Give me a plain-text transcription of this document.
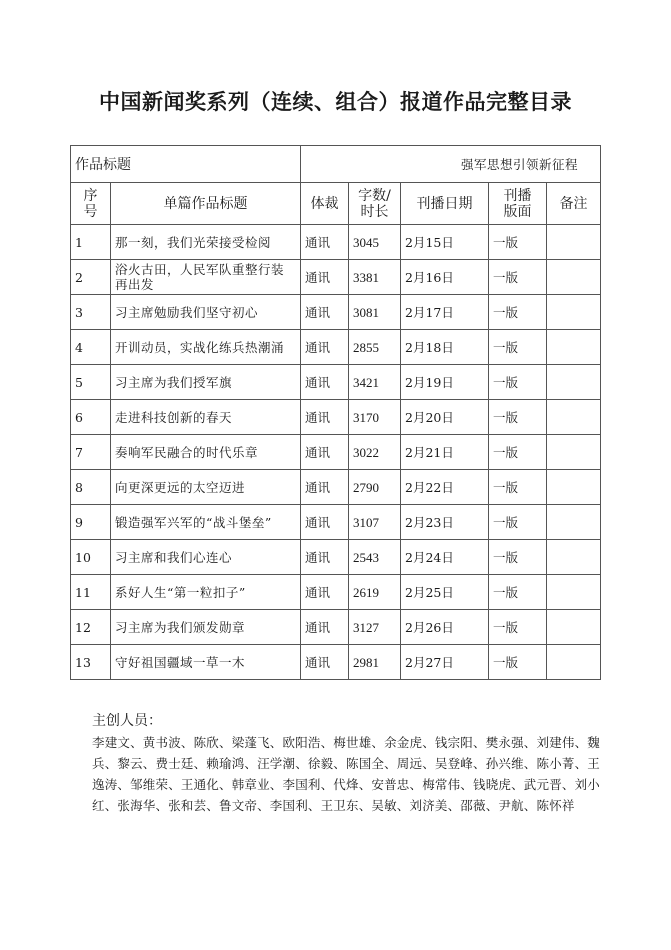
中国新闻奖系列（连续、组合）报道作品完整目录
作品标题		强军思想引领新征程				
序号	单篇作品标题	体裁	字数/时长	刊播日期	刊播版面	备注
1	那一刻，我们光荣接受检阅	通讯	3045	2月15日	一版	
2	浴火古田，人民军队重整行装再出发	通讯	3381	2月16日	一版	
3	习主席勉励我们坚守初心	通讯	3081	2月17日	一版	
4	开训动员，实战化练兵热潮涌	通讯	2855	2月18日	一版	
5	习主席为我们授军旗	通讯	3421	2月19日	一版	
6	走进科技创新的春天	通讯	3170	2月20日	一版	
7	奏响军民融合的时代乐章	通讯	3022	2月21日	一版	
8	向更深更远的太空迈进	通讯	2790	2月22日	一版	
9	锻造强军兴军的“战斗堡垒”	通讯	3107	2月23日	一版	
10	习主席和我们心连心	通讯	2543	2月24日	一版	
11	系好人生“第一粒扣子”	通讯	2619	2月25日	一版	
12	习主席为我们颁发勋章	通讯	3127	2月26日	一版	
13	守好祖国疆域一草一木	通讯	2981	2月27日	一版	
主创人员：

李建文、黄书波、陈欣、梁蓬飞、欧阳浩、梅世雄、余金虎、钱宗阳、樊永强、刘建伟、魏兵、黎云、费士廷、赖瑜鸿、汪学潮、徐毅、陈国全、周远、吴登峰、孙兴维、陈小菁、王逸涛、邹维荣、王通化、韩章业、李国利、代烽、安普忠、梅常伟、钱晓虎、武元晋、刘小红、张海华、张和芸、鲁文帝、李国利、王卫东、吴敏、刘济美、邵薇、尹航、陈怀祥
